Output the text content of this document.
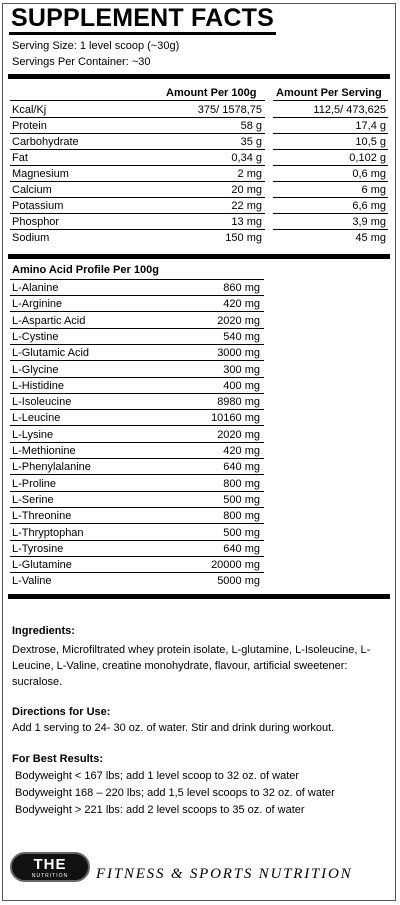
SUPPLEMENT FACTS
Serving Size: 1 level scoop (~30g)
Servings Per Container: ~30
Amount Per 100g Amount Per Serving
Kcal/Kj	375/ 1578,75	112,5/ 473,625
Protein	58 g	17,4 g
Carbohydrate	35 g	10,5 g
Fat	0,34 g	0,102 g
Magnesium	2 mg	0,6 mg
Calcium	20 mg	6 mg
Potassium	22 mg	6,6 mg
Phosphor	13 mg	3,9 mg
Sodium	150 mg	45 mg
Amino Acid Profile Per 100g
L-Alanine	860 mg
L-Arginine	420 mg
L-Aspartic Acid	2020 mg
L-Cystine	540 mg
L-Glutamic Acid	3000 mg
L-Glycine	300 mg
L-Histidine	400 mg
L-Isoleucine	8980 mg
L-Leucine	10160 mg
L-Lysine	2020 mg
L-Methionine	420 mg
L-Phenylalanine	640 mg
L-Proline	800 mg
L-Serine	500 mg
L-Threonine	800 mg
L-Thryptophan	500 mg
L-Tyrosine	640 mg
L-Glutamine	20000 mg
L-Valine	5000 mg
Ingredients:
Dextrose, Microfiltrated whey protein isolate, L-glutamine, L-Isoleucine, L-Leucine, L-Valine, creatine monohydrate, flavour, artificial sweetener: sucralose.
Directions for Use:
Add 1 serving to 24- 30 oz. of water. Stir and drink during workout.
For Best Results:
Bodyweight < 167 lbs; add 1 level scoop to 32 oz. of water
Bodyweight 168 – 220 lbs; add 1,5 level scoops to 32 oz. of water
Bodyweight > 221 lbs: add 2 level scoops to 35 oz. of water
THE
NUTRITION	FITNESS & SPORTS NUTRITION
